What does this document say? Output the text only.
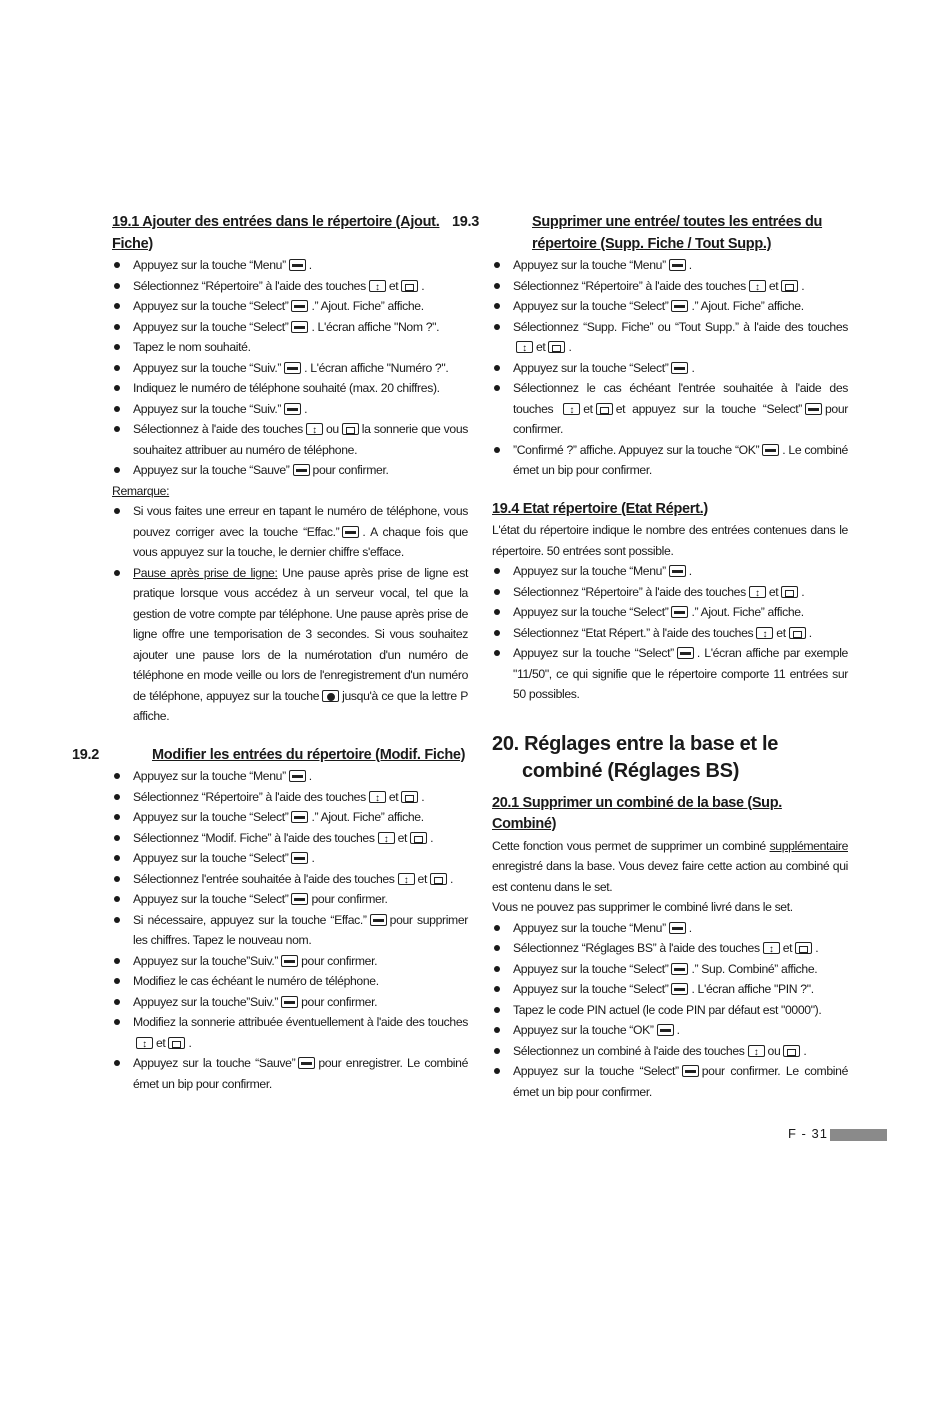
19.1 Ajouter des entrées dans le répertoire (Ajout. Fiche)
Appuyez sur la touche “Menu” .
Sélectionnez “Répertoire” à l'aide des touches ↕ et .
Appuyez sur la touche “Select” .” Ajout. Fiche” affiche.
Appuyez sur la touche “Select” . L'écran affiche "Nom ?".
Tapez le nom souhaité.
Appuyez sur la touche “Suiv.” . L'écran affiche "Numéro ?".
Indiquez le numéro de téléphone souhaité (max. 20 chiffres).
Appuyez sur la touche “Suiv.” .
Sélectionnez à l'aide des touches ↕ ou la sonnerie que vous souhaitez attribuer au numéro de téléphone.
Appuyez sur la touche “Sauve” pour confirmer.

Remarque:

Si vous faites une erreur en tapant le numéro de téléphone, vous pouvez corriger avec la touche “Effac.” . A chaque fois que vous appuyez sur la touche, le dernier chiffre s'efface.
Pause après prise de ligne: Une pause après prise de ligne est pratique lorsque vous accédez à un serveur vocal, tel que la gestion de votre compte par téléphone. Une pause après prise de ligne offre une temporisation de 3 secondes. Si vous souhaitez ajouter une pause lors de la numérotation d'un numéro de téléphone en mode veille ou lors de l'enregistrement d'un numéro de téléphone, appuyez sur la touche jusqu'à ce que la lettre P affiche.
19.2	Modifier les entrées du répertoire (Modif. Fiche)
Appuyez sur la touche “Menu” .
Sélectionnez “Répertoire” à l'aide des touches ↕ et .
Appuyez sur la touche “Select” .” Ajout. Fiche” affiche.
Sélectionnez “Modif. Fiche” à l'aide des touches ↕ et .
Appuyez sur la touche “Select” .
Sélectionnez l'entrée souhaitée à l'aide des touches ↕ et .
Appuyez sur la touche “Select” pour confirmer.
Si nécessaire, appuyez sur la touche “Effac.” pour supprimer les chiffres. Tapez le nouveau nom.
Appuyez sur la touche”Suiv.” pour confirmer.
Modifiez le cas échéant le numéro de téléphone.
Appuyez sur la touche”Suiv.” pour confirmer.
Modifiez la sonnerie attribuée éventuellement à l'aide des touches ↕et .
Appuyez sur la touche “Sauve” pour enregistrer. Le combiné émet un bip pour confirmer.
19.3	Supprimer une entrée/ toutes les entrées du répertoire (Supp. Fiche / Tout Supp.)
Appuyez sur la touche “Menu” .
Sélectionnez “Répertoire” à l'aide des touches ↕ et .
Appuyez sur la touche “Select” .” Ajout. Fiche” affiche.
Sélectionnez “Supp. Fiche” ou “Tout Supp.” à l'aide des touches ↕et .
Appuyez sur la touche “Select” .
Sélectionnez le cas échéant l'entrée souhaitée à l'aide des touches ↕ et et appuyez sur la touche “Select” pour confirmer.
”Confirmé ?” affiche. Appuyez sur la touche “OK” . Le combiné émet un bip pour confirmer.
19.4 Etat répertoire (Etat Répert.)

L'état du répertoire indique le nombre des entrées contenues dans le répertoire. 50 entrées sont possible.

Appuyez sur la touche “Menu” .
Sélectionnez “Répertoire” à l'aide des touches ↕ et .
Appuyez sur la touche “Select” .” Ajout. Fiche” affiche.
Sélectionnez “Etat Répert.” à l'aide des touches ↕ et .
Appuyez sur la touche “Select” . L'écran affiche par exemple "11/50", ce qui signifie que le répertoire comporte 11 entrées sur 50 possibles.
20. Réglages entre la base et le combiné (Réglages BS)
20.1 Supprimer un combiné de la base (Sup. Combiné)

Cette fonction vous permet de supprimer un combiné supplémentaire enregistré dans la base. Vous devez faire cette action au combiné qui est contenu dans le set.

Vous ne pouvez pas supprimer le combiné livré dans le set.

Appuyez sur la touche “Menu” .
Sélectionnez “Réglages BS” à l'aide des touches ↕ et .
Appuyez sur la touche “Select” .” Sup. Combiné” affiche.
Appuyez sur la touche “Select” . L'écran affiche "PIN ?".
Tapez le code PIN actuel (le code PIN par défaut est "0000").
Appuyez sur la touche “OK” .
Sélectionnez un combiné à l'aide des touches ↕ ou .
Appuyez sur la touche “Select” pour confirmer. Le combiné émet un bip pour confirmer.
F - 31
